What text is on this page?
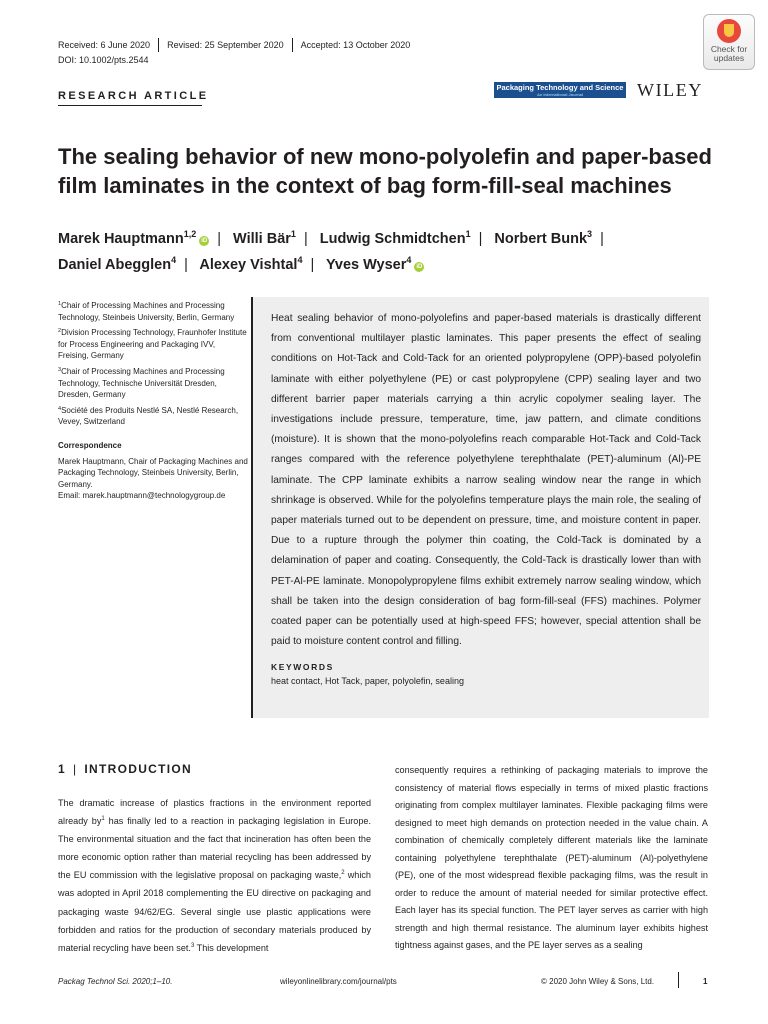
Received: 6 June 2020	Revised: 25 September 2020	Accepted: 13 October 2020
DOI: 10.1002/pts.2544
Check for
updates
RESEARCH ARTICLE
Packaging Technology and Science
An International Journal	WILEY
The sealing behavior of new mono-polyolefin and paper-based film laminates in the context of bag form-fill-seal machines
Marek Hauptmann$^{1,2}$iD | Willi Bär$^1$ | Ludwig Schmidtchen$^1$ | Norbert Bunk$^3$ |
Daniel Abegglen$^4$ | Alexey Vishtal$^4$ | Yves Wyser$^4$iD

$^1$Chair of Processing Machines and Processing Technology, Steinbeis University, Berlin, Germany

$^2$Division Processing Technology, Fraunhofer Institute for Process Engineering and Packaging IVV, Freising, Germany

$^3$Chair of Processing Machines and Processing Technology, Technische Universität Dresden, Dresden, Germany

$^4$Société des Produits Nestlé SA, Nestlé Research, Vevey, Switzerland

Correspondence

Marek Hauptmann, Chair of Packaging Machines and Packaging Technology, Steinbeis University, Berlin, Germany.
Email: marek.hauptmann@technologygroup.de

Heat sealing behavior of mono-polyolefins and paper-based materials is drastically different from conventional multilayer plastic laminates. This paper presents the effect of sealing conditions on Hot-Tack and Cold-Tack for an oriented polypropylene (OPP)-based polyolefin laminate with either polyethylene (PE) or cast polypropylene (CPP) sealing layer and two different barrier paper materials carrying a thin acrylic copolymer sealing layer. The investigations include pressure, temperature, time, jaw pattern, and climate conditions (moisture). It is shown that the mono-polyolefins reach comparable Hot-Tack and Cold-Tack ranges compared with the reference polyethylene terephthalate (PET)-aluminum (Al)-PE laminate. The CPP laminate exhibits a narrow sealing window near the range in which shrinkage is observed. While for the polyolefins temperature plays the main role, the sealing of paper materials turned out to be dependent on pressure, time, and moisture content in paper. Due to a rupture through the polymer thin coating, the Cold-Tack is dominated by a delamination of paper and coating. Consequently, the Cold-Tack is drastically lower than with PET-Al-PE laminate. Monopolypropylene films exhibit extremely narrow sealing window, which shall be taken into the design consideration of bag form-fill-seal (FFS) machines. Polymer coated paper can be potentially used at high-speed FFS; however, special attention shall be paid to moisture content control and filling.

KEYWORDS

heat contact, Hot Tack, paper, polyolefin, sealing

1 | INTRODUCTION

The dramatic increase of plastics fractions in the environment reported already $by^1$ has finally led to a reaction in packaging legislation in Europe. The environmental situation and the fact that incineration has often been the more economic option rather than material recycling has been addressed by the EU commission with the legislative proposal on packaging waste,$^2$ which was adopted in April 2018 complementing the EU directive on packaging and packaging waste 94/62/EG. Several single use plastic applications were forbidden and ratios for the production of secondary materials produced by material recycling have been set.$^3$ This development

consequently requires a rethinking of packaging materials to improve the consistency of material flows especially in terms of mixed plastic fractions originating from complex multilayer laminates. Flexible packaging films were designed to meet high demands on protection needed in the value chain. A combination of chemically completely different materials like the laminate containing polyethylene terephthalate (PET)-aluminum (Al)-polyethylene (PE), one of the most widespread flexible packaging films, was the result in order to reduce the amount of material needed for similar protective effect. Each layer has its special function. The PET layer serves as carrier with high strength and high thermal resistance. The aluminum layer exhibits highest tightness against gases, and the PE layer serves as a sealing

Packag Technol Sci. 2020;1–10.	wileyonlinelibrary.com/journal/pts	© 2020 John Wiley & Sons, Ltd.	1
